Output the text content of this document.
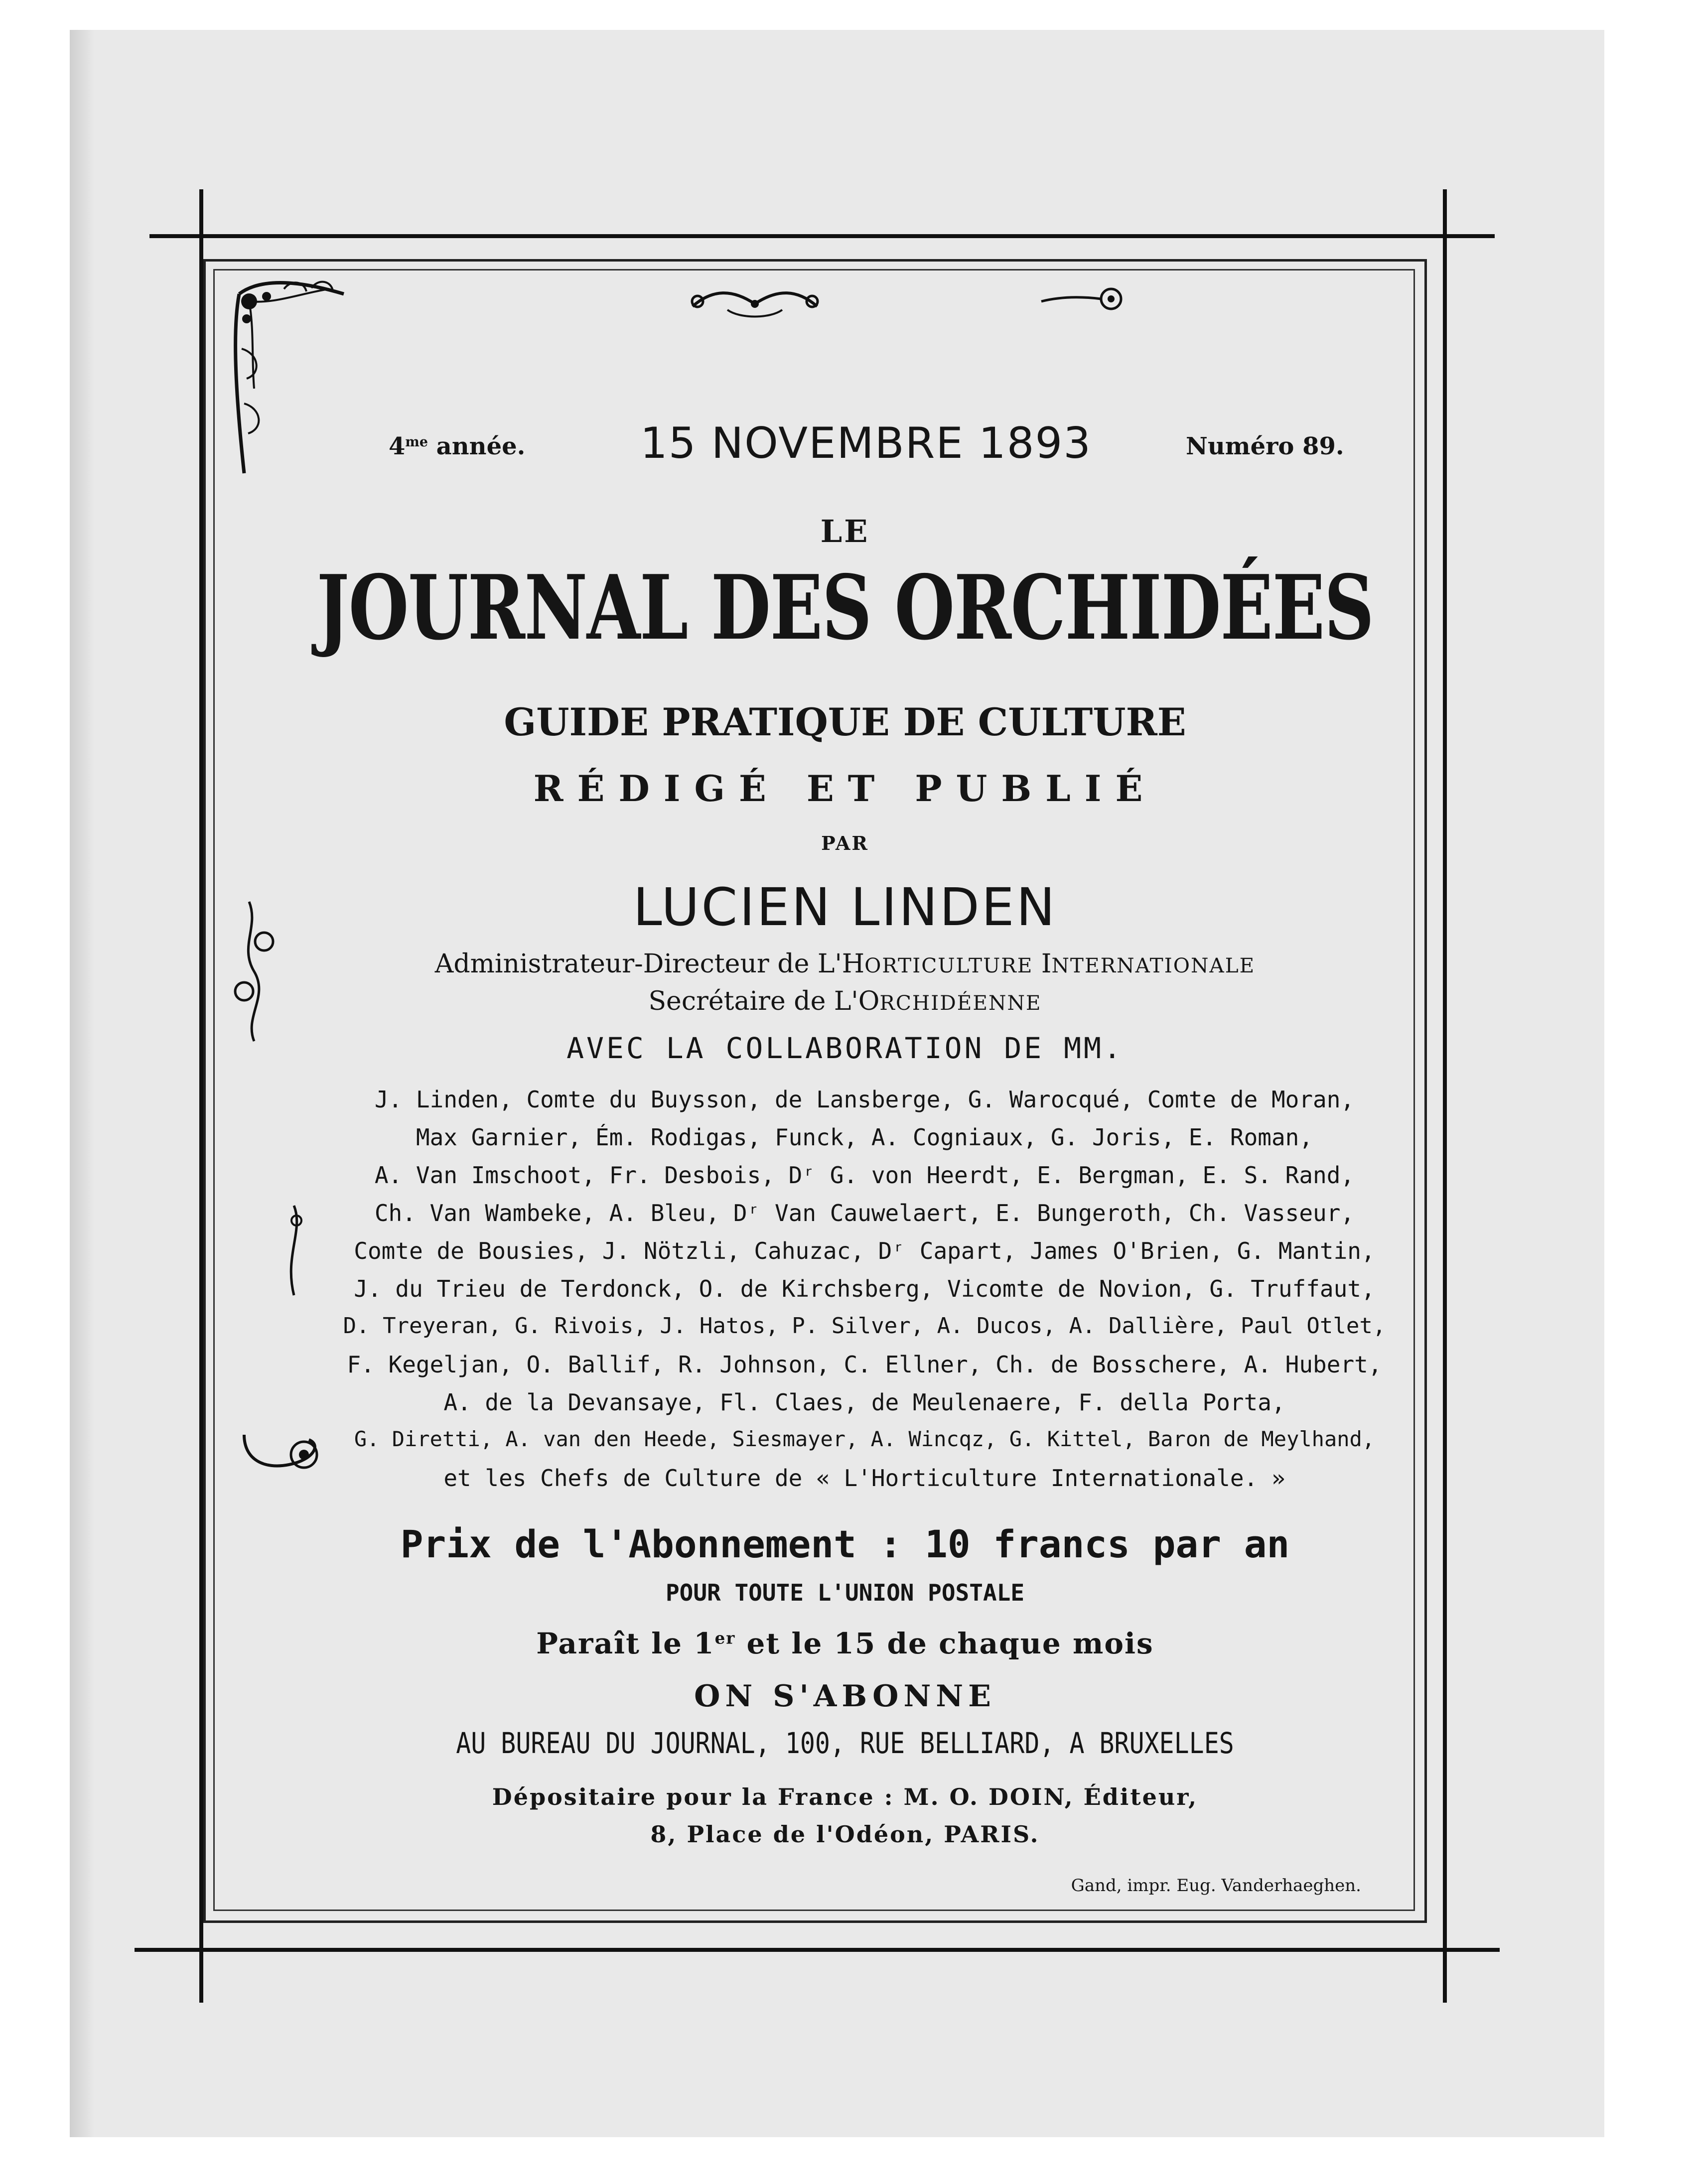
$4^{me}$ année.	15 NOVEMBRE 1893	Numéro 89.
LE
JOURNAL DES ORCHIDÉES
GUIDE PRATIQUE DE CULTURE
RÉDIGÉ ET PUBLIÉ
PAR
LUCIEN LINDEN
Administrateur-Directeur de L'HORTICULTURE INTERNATIONALE
Secrétaire de L'ORCHIDÉENNE
AVEC LA COLLABORATION DE MM.
J. Linden, Comte du Buysson, de Lansberge, G. Warocqué, Comte de Moran,
Max Garnier, Ém. Rodigas, Funck, A. Cogniaux, G. Joris, E. Roman,
A. Van Imschoot, Fr. Desbois, Dʳ G. von Heerdt, E. Bergman, E. S. Rand,
Ch. Van Wambeke, A. Bleu, Dʳ Van Cauwelaert, E. Bungeroth, Ch. Vasseur,
Comte de Bousies, J. Nötzli, Cahuzac, Dʳ Capart, James O'Brien, G. Mantin,
J. du Trieu de Terdonck, O. de Kirchsberg, Vicomte de Novion, G. Truffaut,
D. Treyeran, G. Rivois, J. Hatos, P. Silver, A. Ducos, A. Dallière, Paul Otlet,
F. Kegeljan, O. Ballif, R. Johnson, C. Ellner, Ch. de Bosschere, A. Hubert,
A. de la Devansaye, Fl. Claes, de Meulenaere, F. della Porta,
G. Diretti, A. van den Heede, Siesmayer, A. Wincqz, G. Kittel, Baron de Meylhand,
et les Chefs de Culture de « L'Horticulture Internationale. »
Prix de l'Abonnement : 10 francs par an
POUR TOUTE L'UNION POSTALE
Paraît le 1er et le 15 de chaque mois
ON S'ABONNE
AU BUREAU DU JOURNAL, 100, RUE BELLIARD, A BRUXELLES
Dépositaire pour la France : M. O. DOIN, Éditeur,
8, Place de l'Odéon, PARIS.
Gand, impr. Eug. Vanderhaeghen.
